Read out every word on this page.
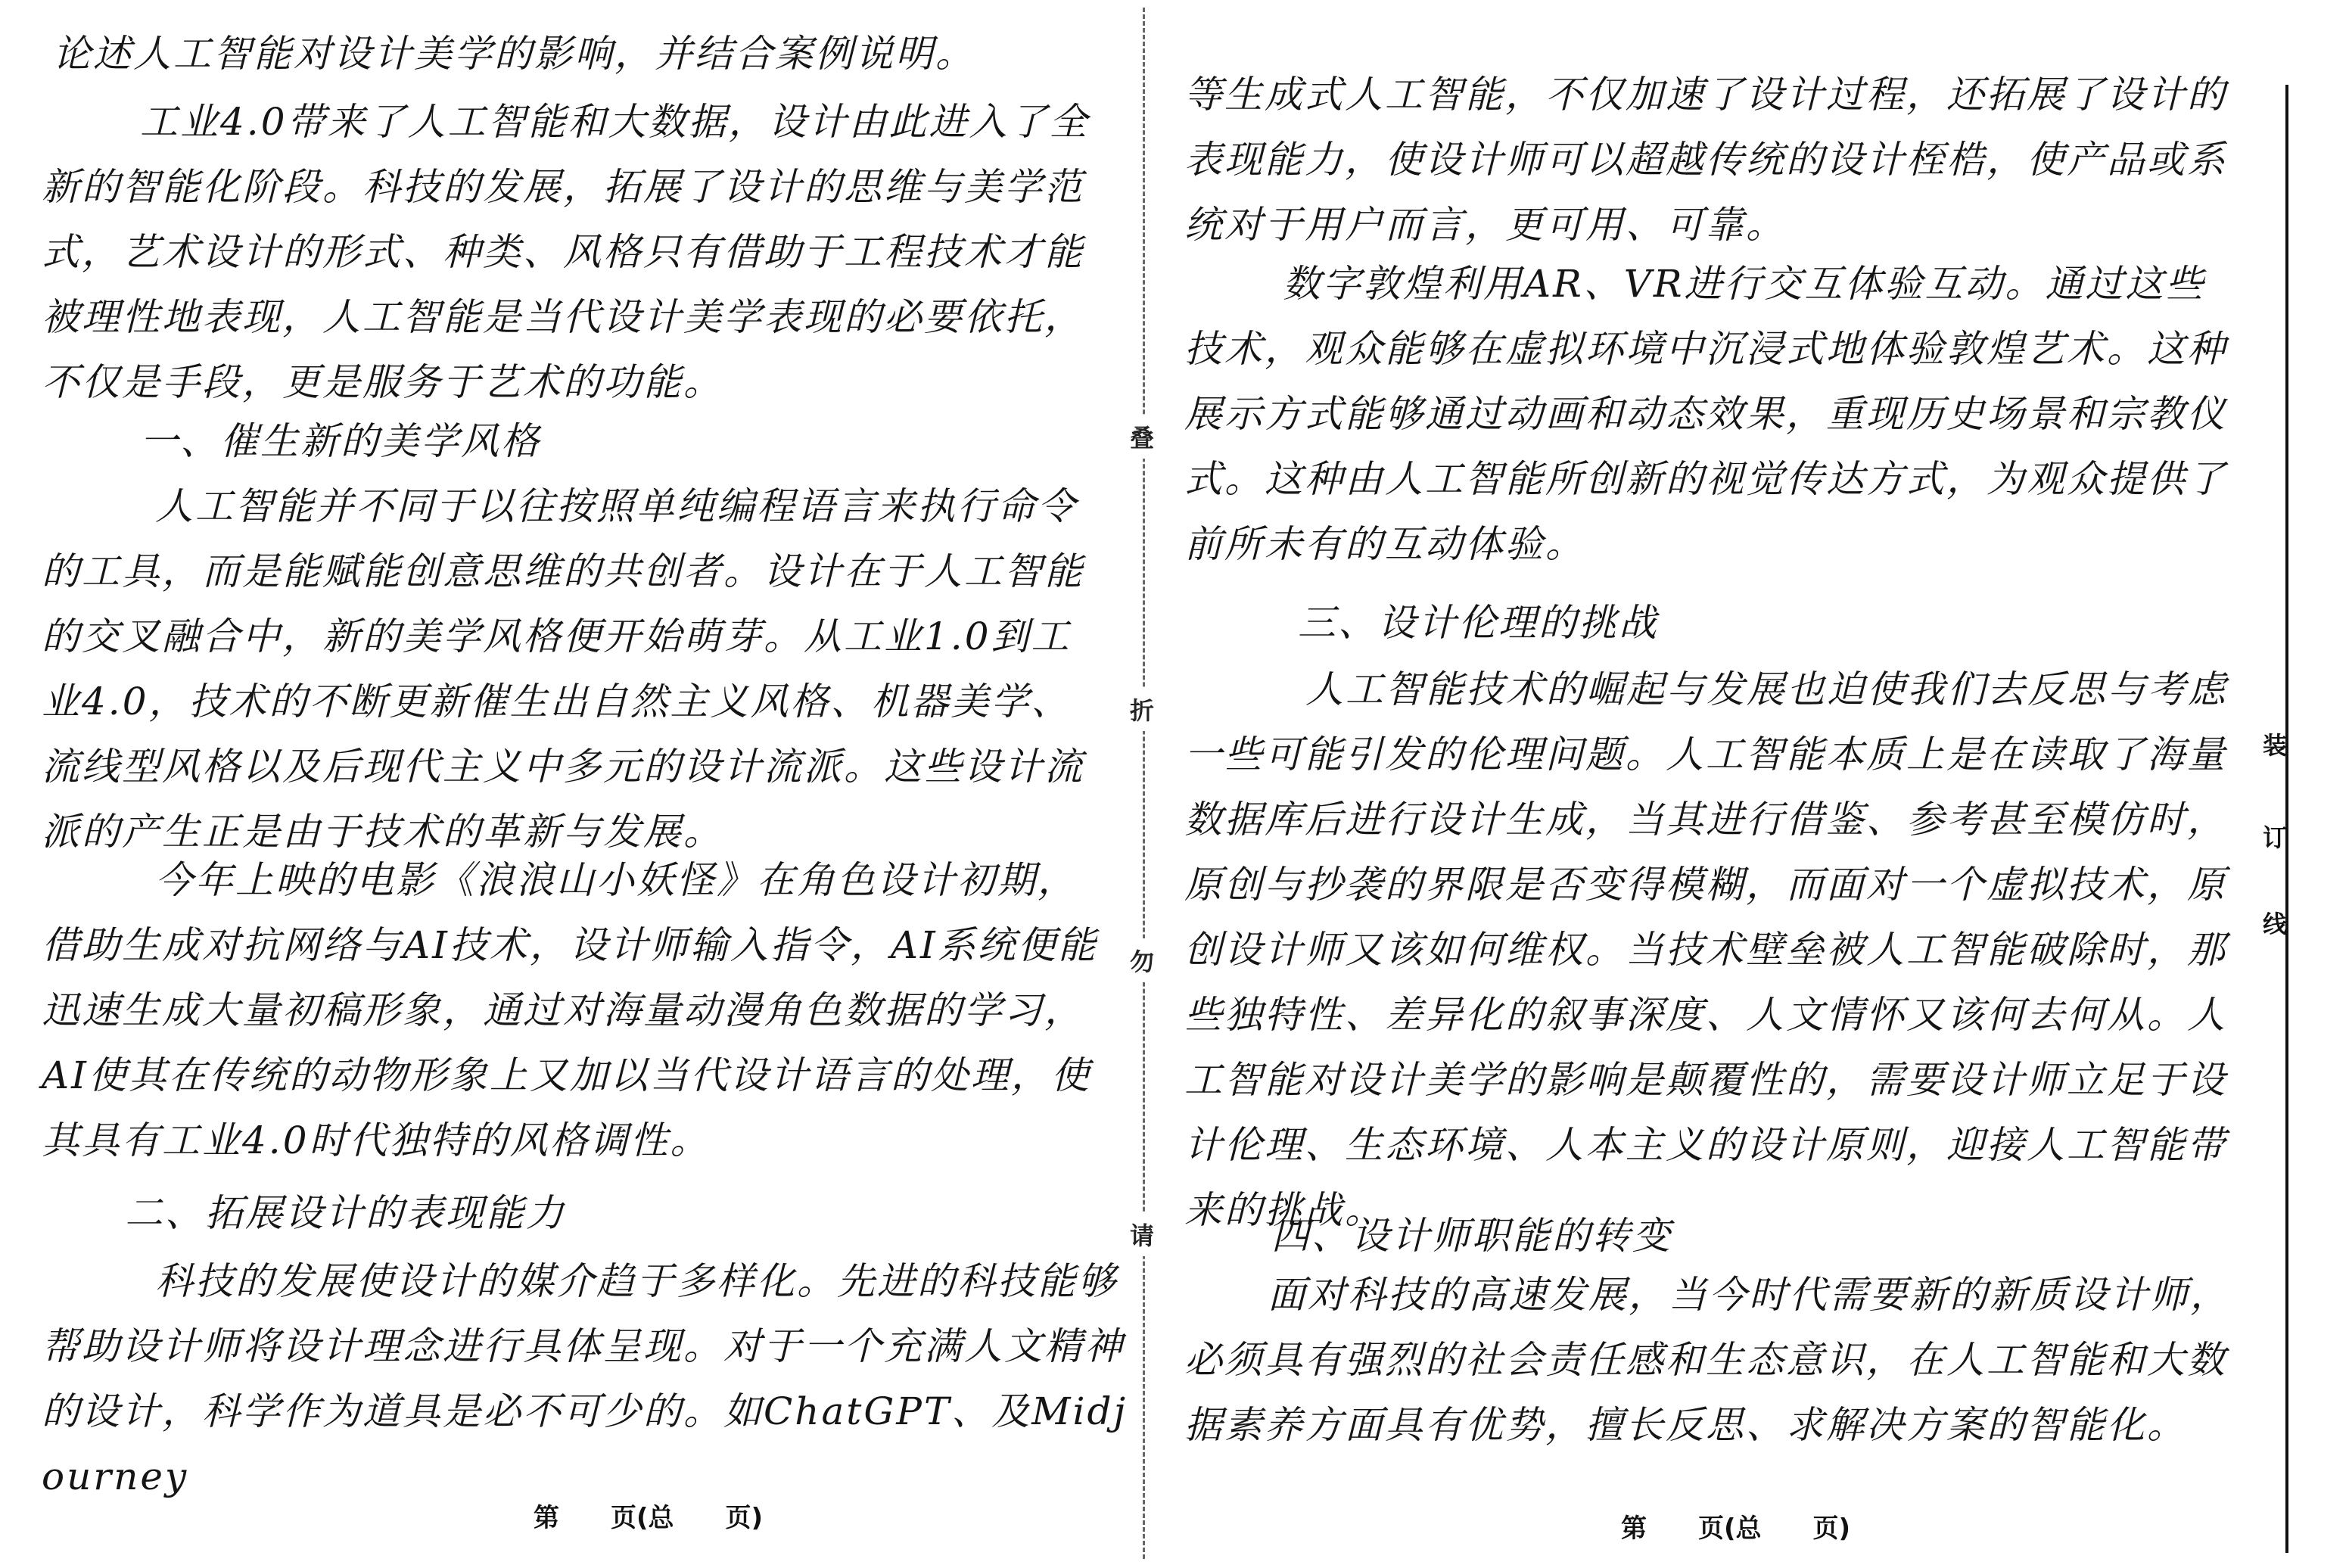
论述人工智能对设计美学的影响，并结合案例说明。

工业4.0带来了人工智能和大数据，设计由此进入了全新的智能化阶段。科技的发展，拓展了设计的思维与美学范式，艺术设计的形式、种类、风格只有借助于工程技术才能被理性地表现，人工智能是当代设计美学表现的必要依托，不仅是手段，更是服务于艺术的功能。

一、催生新的美学风格

人工智能并不同于以往按照单纯编程语言来执行命令的工具，而是能赋能创意思维的共创者。设计在于人工智能的交叉融合中，新的美学风格便开始萌芽。从工业1.0到工业4.0，技术的不断更新催生出自然主义风格、机器美学、流线型风格以及后现代主义中多元的设计流派。这些设计流派的产生正是由于技术的革新与发展。

今年上映的电影《浪浪山小妖怪》在角色设计初期，借助生成对抗网络与AI技术，设计师输入指令，AI系统便能迅速生成大量初稿形象，通过对海量动漫角色数据的学习，AI使其在传统的动物形象上又加以当代设计语言的处理，使其具有工业4.0时代独特的风格调性。

二、拓展设计的表现能力

科技的发展使设计的媒介趋于多样化。先进的科技能够帮助设计师将设计理念进行具体呈现。对于一个充满人文精神的设计，科学作为道具是必不可少的。如ChatGPT、及Midjourney

第　　页(总　　页)
叠
折
勿
请

等生成式人工智能，不仅加速了设计过程，还拓展了设计的表现能力，使设计师可以超越传统的设计桎梏，使产品或系统对于用户而言，更可用、可靠。

数字敦煌利用AR、VR进行交互体验互动。通过这些技术，观众能够在虚拟环境中沉浸式地体验敦煌艺术。这种展示方式能够通过动画和动态效果，重现历史场景和宗教仪式。这种由人工智能所创新的视觉传达方式，为观众提供了前所未有的互动体验。

三、设计伦理的挑战

人工智能技术的崛起与发展也迫使我们去反思与考虑一些可能引发的伦理问题。人工智能本质上是在读取了海量数据库后进行设计生成，当其进行借鉴、参考甚至模仿时，原创与抄袭的界限是否变得模糊，而面对一个虚拟技术，原创设计师又该如何维权。当技术壁垒被人工智能破除时，那些独特性、差异化的叙事深度、人文情怀又该何去何从。人工智能对设计美学的影响是颠覆性的，需要设计师立足于设计伦理、生态环境、人本主义的设计原则，迎接人工智能带来的挑战。

四、设计师职能的转变

面对科技的高速发展，当今时代需要新的新质设计师，必须具有强烈的社会责任感和生态意识，在人工智能和大数据素养方面具有优势，擅长反思、求解决方案的智能化。

第　　页(总　　页)
装
订
线
